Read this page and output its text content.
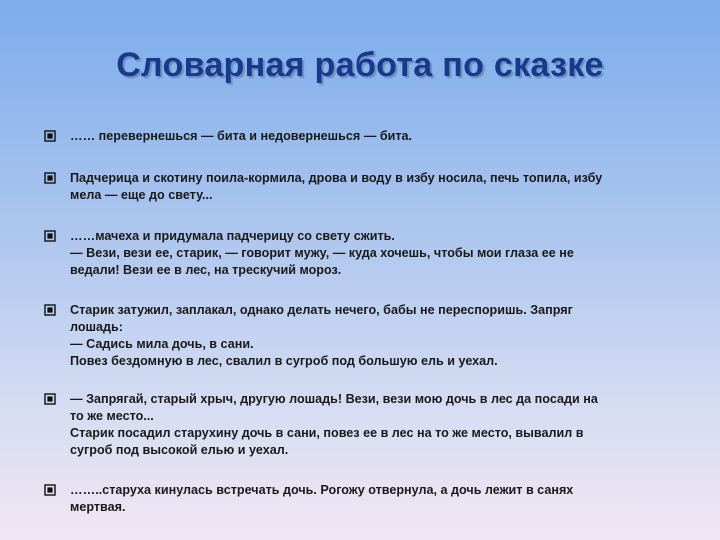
Словарная работа по сказке
…… перевернешься — бита и недовернешься — бита.
Падчерица и скотину поила-кормила, дрова и воду в избу носила, печь топила, избу
мела — еще до свету...
……мачеха и придумала падчерицу со свету сжить.
— Вези, вези ее, старик, — говорит мужу, — куда хочешь, чтобы мои глаза ее не
ведали! Вези ее в лес, на трескучий мороз.
Старик затужил, заплакал, однако делать нечего, бабы не переспоришь. Запряг
лошадь:
— Садись мила дочь, в сани.
Повез бездомную в лес, свалил в сугроб под большую ель и уехал.
— Запрягай, старый хрыч, другую лошадь! Вези, вези мою дочь в лес да посади на
то же место...
Старик посадил старухину дочь в сани, повез ее в лес на то же место, вывалил в
сугроб под высокой елью и уехал.
……..старуха кинулась встречать дочь. Рогожу отвернула, а дочь лежит в санях
мертвая.
